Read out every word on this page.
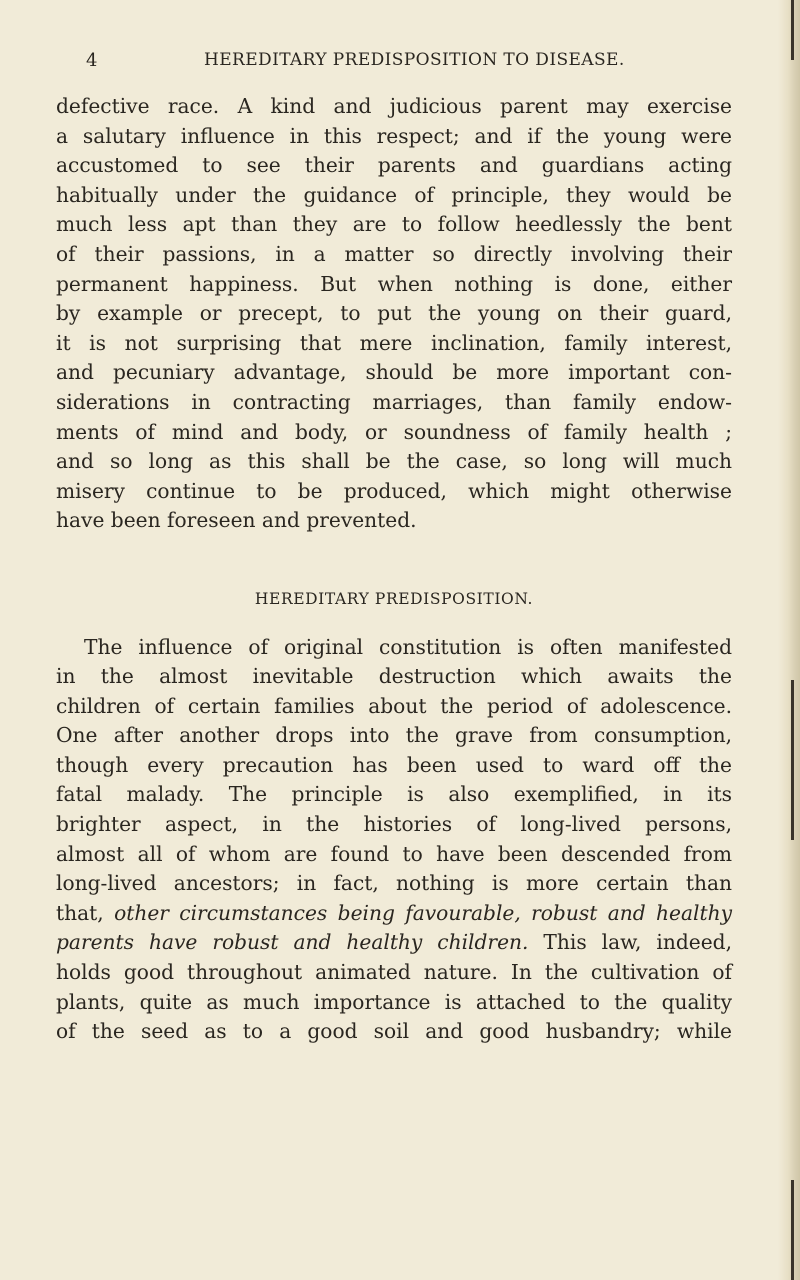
4	HEREDITARY PREDISPOSITION TO DISEASE.

defective race. A kind and judicious parent may exercise
a salutary influence in this respect; and if the young were
accustomed to see their parents and guardians acting
habitually under the guidance of principle, they would be
much less apt than they are to follow heedlessly the bent
of their passions, in a matter so directly involving their
permanent happiness. But when nothing is done, either
by example or precept, to put the young on their guard,
it is not surprising that mere inclination, family interest,
and pecuniary advantage, should be more important con-
siderations in contracting marriages, than family endow-
ments of mind and body, or soundness of family health ;
and so long as this shall be the case, so long will much
misery continue to be produced, which might otherwise
have been foreseen and prevented.

HEREDITARY PREDISPOSITION.

The influence of original constitution is often manifested
in the almost inevitable destruction which awaits the
children of certain families about the period of adolescence.
One after another drops into the grave from consumption,
though every precaution has been used to ward off the
fatal malady. The principle is also exemplified, in its
brighter aspect, in the histories of long-lived persons,
almost all of whom are found to have been descended from
long-lived ancestors; in fact, nothing is more certain than
that, other circumstances being favourable, robust and healthy
parents have robust and healthy children. This law, indeed,
holds good throughout animated nature. In the cultivation of
plants, quite as much importance is attached to the quality
of the seed as to a good soil and good husbandry; while
